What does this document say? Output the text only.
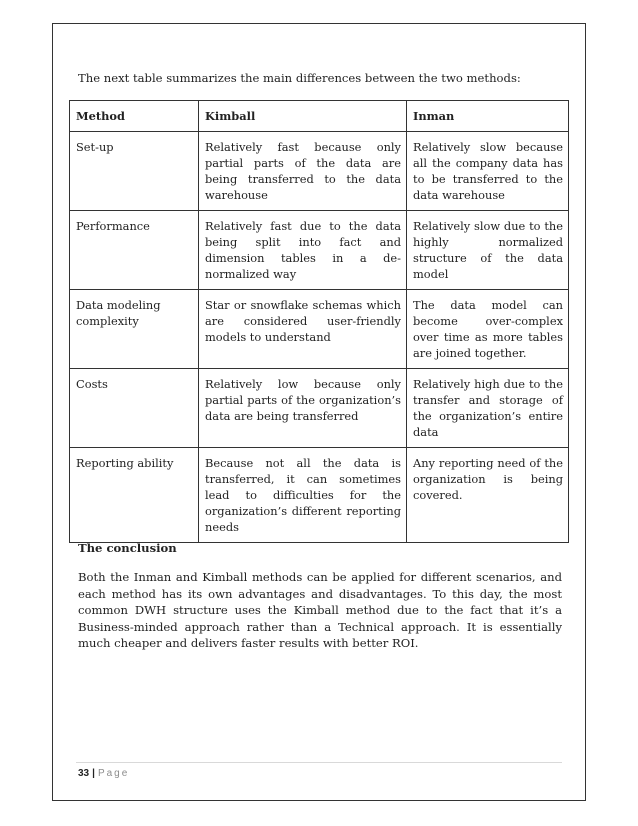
The next table summarizes the main differences between the two methods:

Method	Kimball	Inman
Set-up	Relatively fast because only partial parts of the data are being transferred to the data warehouse	Relatively slow because all the company data has to be transferred to the data warehouse
Performance	Relatively fast due to the data being split into fact and dimension tables in a de-normalized way	Relatively slow due to the highly normalized structure of the data model
Data modeling complexity	Star or snowflake schemas which are considered user-friendly models to understand	The data model can become over-complex over time as more tables are joined together.
Costs	Relatively low because only partial parts of the organization’s data are being transferred	Relatively high due to the transfer and storage of the organization’s entire data
Reporting ability	Because not all the data is transferred, it can sometimes lead to difficulties for the organization’s different reporting needs	Any reporting need of the organization is being covered.

The conclusion

Both the Inman and Kimball methods can be applied for different scenarios, and each method has its own advantages and disadvantages. To this day, the most common DWH structure uses the Kimball method due to the fact that it’s a Business-minded approach rather than a Technical approach. It is essentially much cheaper and delivers faster results with better ROI.

33 | Page
